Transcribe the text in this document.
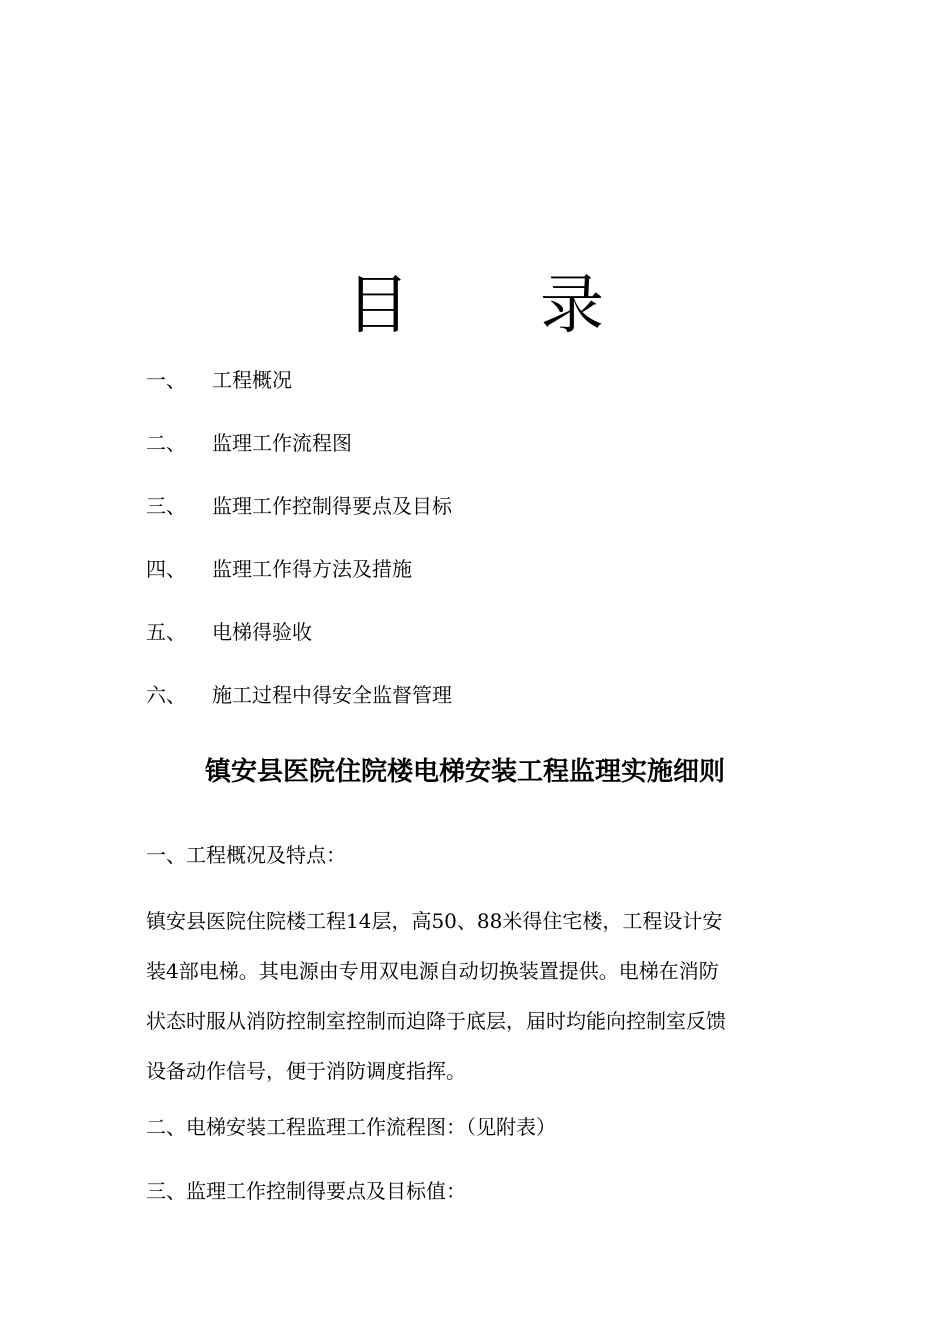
目 录
一、 工程概况
二、 监理工作流程图
三、 监理工作控制得要点及目标
四、 监理工作得方法及措施
五、 电梯得验收
六、 施工过程中得安全监督管理
镇安县医院住院楼电梯安装工程监理实施细则
一、工程概况及特点：
镇安县医院住院楼工程14层，高50、88米得住宅楼，工程设计安
装4部电梯。其电源由专用双电源自动切换装置提供。电梯在消防
状态时服从消防控制室控制而迫降于底层，届时均能向控制室反馈
设备动作信号，便于消防调度指挥。
二、电梯安装工程监理工作流程图：（见附表）
三、监理工作控制得要点及目标值：
